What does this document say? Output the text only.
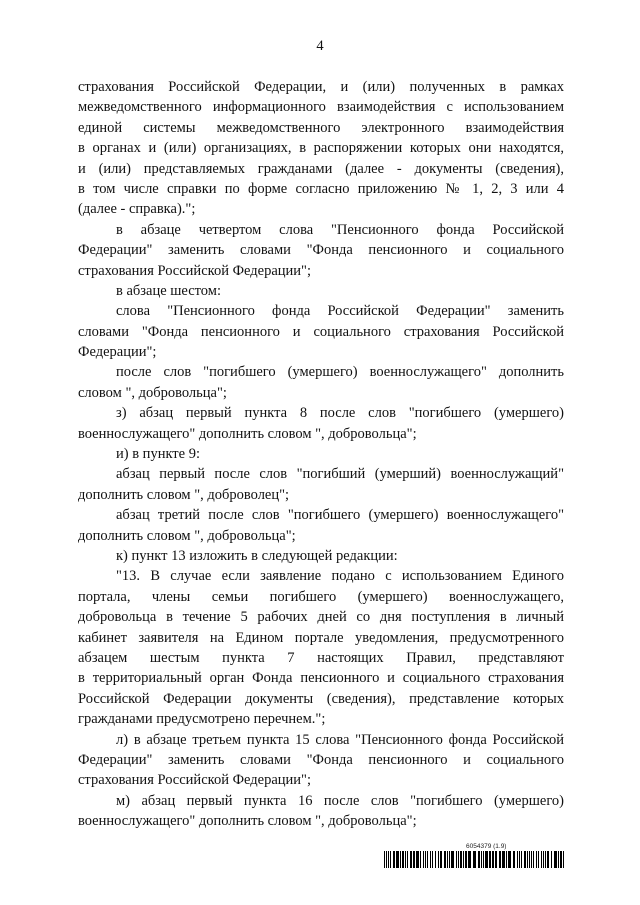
4
страхования Российской Федерации, и (или) полученных в рамках
межведомственного информационного взаимодействия с использованием
единой системы межведомственного электронного взаимодействия
в органах и (или) организациях, в распоряжении которых они находятся,
и (или) представляемых гражданами (далее - документы (сведения),
в том числе справки по форме согласно приложению № 1, 2, 3 или 4
(далее - справка).";
в абзаце четвертом слова "Пенсионного фонда Российской
Федерации" заменить словами "Фонда пенсионного и социального
страхования Российской Федерации";
в абзаце шестом:
слова "Пенсионного фонда Российской Федерации" заменить
словами "Фонда пенсионного и социального страхования Российской
Федерации";
после слов "погибшего (умершего) военнослужащего" дополнить
словом ", добровольца";
з) абзац первый пункта 8 после слов "погибшего (умершего)
военнослужащего" дополнить словом ", добровольца";
и) в пункте 9:
абзац первый после слов "погибший (умерший) военнослужащий"
дополнить словом ", доброволец";
абзац третий после слов "погибшего (умершего) военнослужащего"
дополнить словом ", добровольца";
к) пункт 13 изложить в следующей редакции:
"13. В случае если заявление подано с использованием Единого
портала, члены семьи погибшего (умершего) военнослужащего,
добровольца в течение 5 рабочих дней со дня поступления в личный
кабинет заявителя на Едином портале уведомления, предусмотренного
абзацем шестым пункта 7 настоящих Правил, представляют
в территориальный орган Фонда пенсионного и социального страхования
Российской Федерации документы (сведения), представление которых
гражданами предусмотрено перечнем.";
л) в абзаце третьем пункта 15 слова "Пенсионного фонда Российской
Федерации" заменить словами "Фонда пенсионного и социального
страхования Российской Федерации";
м) абзац первый пункта 16 после слов "погибшего (умершего)
военнослужащего" дополнить словом ", добровольца";
6054379 (1.9)
